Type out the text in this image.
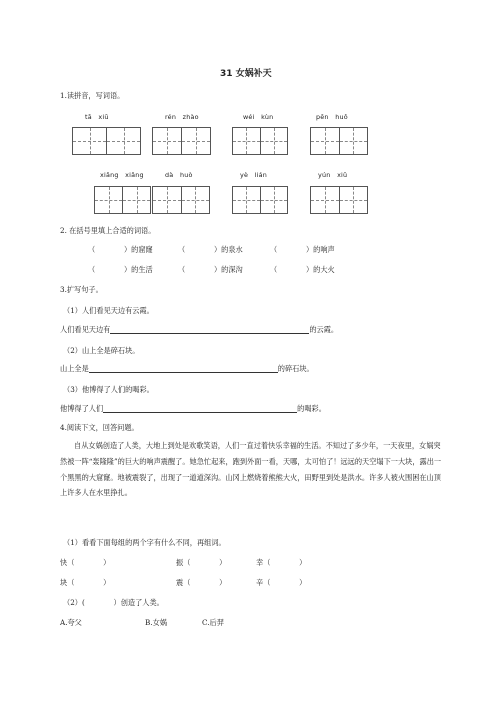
31 女娲补天
1.读拼音，写词语。
tā　xiū	rén　zhào	wéi　kùn	pēn　huǒ
xiǎng　xiǎng	dà　huò	yè　lián	yún　xiǔ
2. 在括号里填上合适的词语。
（　　　　）的窟窿	（　　　　）的泉水	（　　　　）的响声
（　　　　）的生活	（　　　　）的深沟	（　　　　）的大火
3.扩写句子。
（1）人们看见天边有云霞。
人们看见天边有	的云霞。
（2）山上全是碎石块。
山上全是	的碎石块。
（3）他博得了人们的喝彩。
他博得了人们	的喝彩。
4.阅读下文，回答问题。
自从女娲创造了人类，大地上到处是欢歌笑语，人们一直过着快乐幸福的生活。不知过了多少年，一天夜里，女娲突然被一阵“轰隆隆”的巨大的响声震醒了。她急忙起来，跑到外面一看，天哪，太可怕了！远远的天空塌下一大块，露出一个黑黑的大窟窿。地被震裂了，出现了一道道深沟。山冈上燃烧着熊熊大火，田野里到处是洪水。许多人被火围困在山顶上许多人在水里挣扎。
（1）看看下面每组的两个字有什么不同，再组词。
快（　　　　）	振（　　　　）	幸（　　　　）
块（　　　　）	震（　　　　）	辛（　　　　）
（2）(　　　　）创造了人类。
A.夸父	B.女娲	C.后羿
